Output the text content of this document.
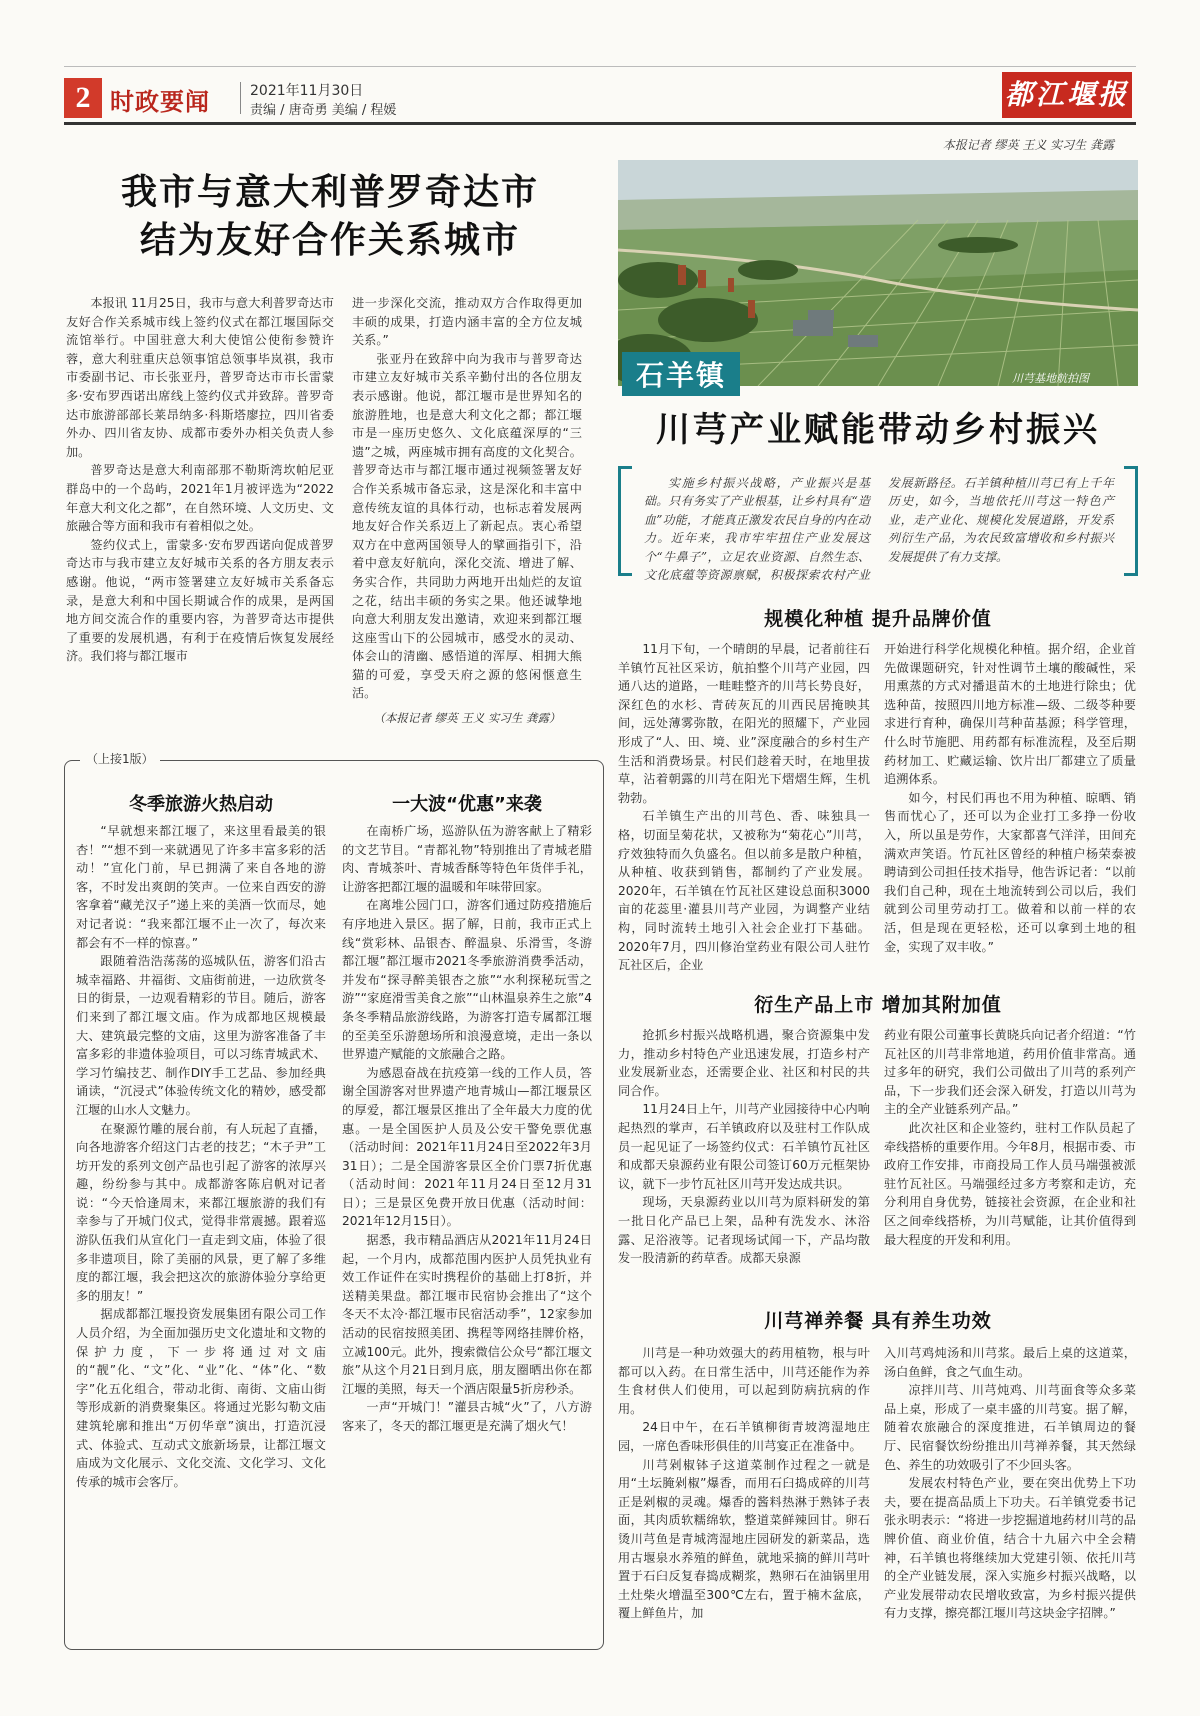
2 时政要闻	2021年11月30日
责编 / 唐奇勇 美编 / 程媛	都江堰报
我市与意大利普罗奇达市
结为友好合作关系城市

本报讯 11月25日，我市与意大利普罗奇达市友好合作关系城市线上签约仪式在都江堰国际交流馆举行。中国驻意大利大使馆公使衔参赞许蓉，意大利驻重庆总领事馆总领事毕岚祺，我市市委副书记、市长张亚丹，普罗奇达市市长雷蒙多·安布罗西诺出席线上签约仪式并致辞。普罗奇达市旅游部部长莱昂纳多·科斯塔廖拉，四川省委外办、四川省友协、成都市委外办相关负责人参加。

普罗奇达是意大利南部那不勒斯湾坎帕尼亚群岛中的一个岛屿，2021年1月被评选为“2022年意大利文化之都”，在自然环境、人文历史、文旅融合等方面和我市有着相似之处。

签约仪式上，雷蒙多·安布罗西诺向促成普罗奇达市与我市建立友好城市关系的各方朋友表示感谢。他说，“两市签署建立友好城市关系备忘录，是意大利和中国长期诚合作的成果，是两国地方间交流合作的重要内容，为普罗奇达市提供了重要的发展机遇，有利于在疫情后恢复发展经济。我们将与都江堰市

进一步深化交流，推动双方合作取得更加丰硕的成果，打造内涵丰富的全方位友城关系。”

张亚丹在致辞中向为我市与普罗奇达市建立友好城市关系辛勤付出的各位朋友表示感谢。他说，都江堰市是世界知名的旅游胜地，也是意大利文化之都；都江堰市是一座历史悠久、文化底蕴深厚的“三遗”之城，两座城市拥有高度的文化契合。普罗奇达市与都江堰市通过视频签署友好合作关系城市备忘录，这是深化和丰富中意传统友谊的具体行动，也标志着发展两地友好合作关系迈上了新起点。衷心希望双方在中意两国领导人的擘画指引下，沿着中意友好航向，深化交流、增进了解、务实合作，共同助力两地开出灿烂的友谊之花，结出丰硕的务实之果。他还诚挚地向意大利朋友发出邀请，欢迎来到都江堰这座雪山下的公园城市，感受水的灵动、体会山的清幽、感悟道的浑厚、相拥大熊猫的可爱，享受天府之源的悠闲惬意生活。

（本报记者 缪英 王义 实习生 龚露）
（上接1版）
冬季旅游火热启动

“早就想来都江堰了，来这里看最美的银杏！”“想不到一来就遇见了许多丰富多彩的活动！”宣化门前，早已拥满了来自各地的游客，不时发出爽朗的笑声。一位来自西安的游客拿着“藏羌汉子”递上来的美酒一饮而尽，她对记者说：“我来都江堰不止一次了，每次来都会有不一样的惊喜。”

跟随着浩浩荡荡的巡城队伍，游客们沿古城幸福路、井福街、文庙街前进，一边欣赏冬日的街景，一边观看精彩的节目。随后，游客们来到了都江堰文庙。作为成都地区规模最大、建筑最完整的文庙，这里为游客准备了丰富多彩的非遗体验项目，可以习练青城武术、学习竹编技艺、制作DIY手工艺品、参加经典诵读，“沉浸式”体验传统文化的精妙，感受都江堰的山水人文魅力。

在聚源竹雕的展台前，有人玩起了直播，向各地游客介绍这门古老的技艺；“木子尹”工坊开发的系列文创产品也引起了游客的浓厚兴趣，纷纷参与其中。成都游客陈启帆对记者说：“今天恰逢周末，来都江堰旅游的我们有幸参与了开城门仪式，觉得非常震撼。跟着巡游队伍我们从宣化门一直走到文庙，体验了很多非遗项目，除了美丽的风景，更了解了多维度的都江堰，我会把这次的旅游体验分享给更多的朋友！”

据成都都江堰投资发展集团有限公司工作人员介绍，为全面加强历史文化遗址和文物的保护力度，下一步将通过对文庙的“靓”化、“文”化、“业”化、“体”化、“数字”化五化组合，带动北街、南街、文庙山街等形成新的消费聚集区。将通过光影勾勒文庙建筑轮廓和推出“万仞华章”演出，打造沉浸式、体验式、互动式文旅新场景，让都江堰文庙成为文化展示、文化交流、文化学习、文化传承的城市会客厅。

一大波“优惠”来袭

在南桥广场，巡游队伍为游客献上了精彩的文艺节目。“青都礼物”特别推出了青城老腊肉、青城茶叶、青城香酥等特色年货伴手礼，让游客把都江堰的温暖和年味带回家。

在离堆公园门口，游客们通过防疫措施后有序地进入景区。据了解，日前，我市正式上线“赏彩林、品银杏、醉温泉、乐滑雪，冬游都江堰”都江堰市2021冬季旅游消费季活动，并发布“探寻醉美银杏之旅”“水利探秘玩雪之游”“家庭滑雪美食之旅”“山林温泉养生之旅”4条冬季精品旅游线路，为游客打造专属都江堰的至美至乐游憩场所和浪漫意境，走出一条以世界遗产赋能的文旅融合之路。

为感恩奋战在抗疫第一线的工作人员，答谢全国游客对世界遗产地青城山—都江堰景区的厚爱，都江堰景区推出了全年最大力度的优惠。一是全国医护人员及公安干警免票优惠（活动时间：2021年11月24日至2022年3月31日）；二是全国游客景区全价门票7折优惠（活动时间：2021年11月24日至12月31日）；三是景区免费开放日优惠（活动时间：2021年12月15日）。

据悉，我市精品酒店从2021年11月24日起，一个月内，成都范围内医护人员凭执业有效工作证件在实时携程价的基础上打8折，并送精美果盘。都江堰市民宿协会推出了“这个冬天不太冷·都江堰市民宿活动季”，12家参加活动的民宿按照美团、携程等网络挂牌价格，立减100元。此外，搜索微信公众号“都江堰文旅”从这个月21日到月底，朋友圈晒出你在都江堰的美照，每天一个酒店限量5折房秒杀。

一声“开城门！”灌县古城“火”了，八方游客来了，冬天的都江堰更是充满了烟火气！

本报记者 缪英 王义 实习生 龚露
石羊镇	川芎基地航拍图
川芎产业赋能带动乡村振兴

实施乡村振兴战略，产业振兴是基础。只有务实了产业根基，让乡村具有“造血”功能，才能真正激发农民自身的内在动力。近年来，我市牢牢扭住产业发展这个“牛鼻子”，立足农业资源、自然生态、文化底蕴等资源禀赋，积极探索农村产业发展新路径。石羊镇种植川芎已有上千年历史，如今，当地依托川芎这一特色产业，走产业化、规模化发展道路，开发系列衍生产品，为农民致富增收和乡村振兴发展提供了有力支撑。

规模化种植 提升品牌价值

11月下旬，一个晴朗的早晨，记者前往石羊镇竹瓦社区采访，航拍整个川芎产业园，四通八达的道路，一畦畦整齐的川芎长势良好，深红色的水杉、青砖灰瓦的川西民居掩映其间，远处薄雾弥散，在阳光的照耀下，产业园形成了“人、田、境、业”深度融合的乡村生产生活和消费场景。村民们趁着天时，在地里拔草，沾着朝露的川芎在阳光下熠熠生辉，生机勃勃。

石羊镇生产出的川芎色、香、味独具一格，切面呈菊花状，又被称为“菊花心”川芎，疗效独特而久负盛名。但以前多是散户种植，从种植、收获到销售，都制约了产业发展。2020年，石羊镇在竹瓦社区建设总面积3000亩的花蕊里·灌县川芎产业园，为调整产业结构，同时流转土地引入社会企业打下基础。2020年7月，四川修治堂药业有限公司人驻竹瓦社区后，企业

开始进行科学化规模化种植。据介绍，企业首先做课题研究，针对性调节土壤的酸碱性，采用熏蒸的方式对播退苗木的土地进行除虫；优选种苗，按照四川地方标准—级、二级苓种要求进行育种，确保川芎种苗基源；科学管理，什么时节施肥、用药都有标准流程，及至后期药材加工、贮藏运输、饮片出厂都建立了质量追溯体系。

如今，村民们再也不用为种植、晾晒、销售而忧心了，还可以为企业打工多挣一份收入，所以虽是劳作，大家都喜气洋洋，田间充满欢声笑语。竹瓦社区曾经的种植户杨荣泰被聘请到公司担任技术指导，他告诉记者：“以前我们自己种，现在土地流转到公司以后，我们就到公司里劳动打工。做着和以前一样的农活，但是现在更轻松，还可以拿到土地的租金，实现了双丰收。”

衍生产品上市 增加其附加值

抢抓乡村振兴战略机遇，聚合资源集中发力，推动乡村特色产业迅速发展，打造乡村产业发展新业态，还需要企业、社区和村民的共同合作。

11月24日上午，川芎产业园接待中心内响起热烈的掌声，石羊镇政府以及驻村工作队成员一起见证了一场签约仪式：石羊镇竹瓦社区和成都天泉源药业有限公司签订60万元框架协议，就下一步竹瓦社区川芎开发达成共识。

现场，天泉源药业以川芎为原料研发的第一批日化产品已上架，品种有洗发水、沐浴露、足浴液等。记者现场试闻一下，产品均散发一股清新的药草香。成都天泉源

药业有限公司董事长黄晓兵向记者介绍道：“竹瓦社区的川芎非常地道，药用价值非常高。通过多年的研究，我们公司做出了川芎的系列产品，下一步我们还会深入研发，打造以川芎为主的全产业链系列产品。”

此次社区和企业签约，驻村工作队员起了牵线搭桥的重要作用。今年8月，根据市委、市政府工作安排，市商投局工作人员马端强被派驻竹瓦社区。马端强经过多方考察和走访，充分利用自身优势，链接社会资源，在企业和社区之间牵线搭桥，为川芎赋能，让其价值得到最大程度的开发和利用。

川芎禅养餐 具有养生功效

川芎是一种功效强大的药用植物，根与叶都可以入药。在日常生活中，川芎还能作为养生食材供人们使用，可以起到防病抗病的作用。

24日中午，在石羊镇柳街青坡湾湿地庄园，一席色香味形俱佳的川芎宴正在准备中。

川芎剁椒钵子这道菜制作过程之一就是用“土坛腌剁椒”爆香，而用石臼捣成碎的川芎正是剁椒的灵魂。爆香的酱料热淋于熟钵子表面，其肉质软糯绵软，整道菜鲜辣回甘。卵石烫川芎鱼是青城湾湿地庄园研发的新菜品，选用古堰泉水养殖的鲜鱼，就地采摘的鲜川芎叶置于石臼反复春捣成糊浆，熟卵石在油锅里用土灶柴火增温至300℃左右，置于楠木盆底，覆上鲜鱼片，加

入川芎鸡炖汤和川芎浆。最后上桌的这道菜，汤白鱼鲜，食之气血生动。

凉拌川芎、川芎炖鸡、川芎面食等众多菜品上桌，形成了一桌丰盛的川芎宴。据了解，随着农旅融合的深度推进，石羊镇周边的餐厅、民宿餐饮纷纷推出川芎禅养餐，其天然绿色、养生的功效吸引了不少回头客。

发展农村特色产业，要在突出优势上下功夫，要在提高品质上下功夫。石羊镇党委书记张永明表示：“将进一步挖掘道地药材川芎的品牌价值、商业价值，结合十九届六中全会精神，石羊镇也将继续加大党建引领、依托川芎的全产业链发展，深入实施乡村振兴战略，以产业发展带动农民增收致富，为乡村振兴提供有力支撑，擦亮都江堰川芎这块金字招牌。”
